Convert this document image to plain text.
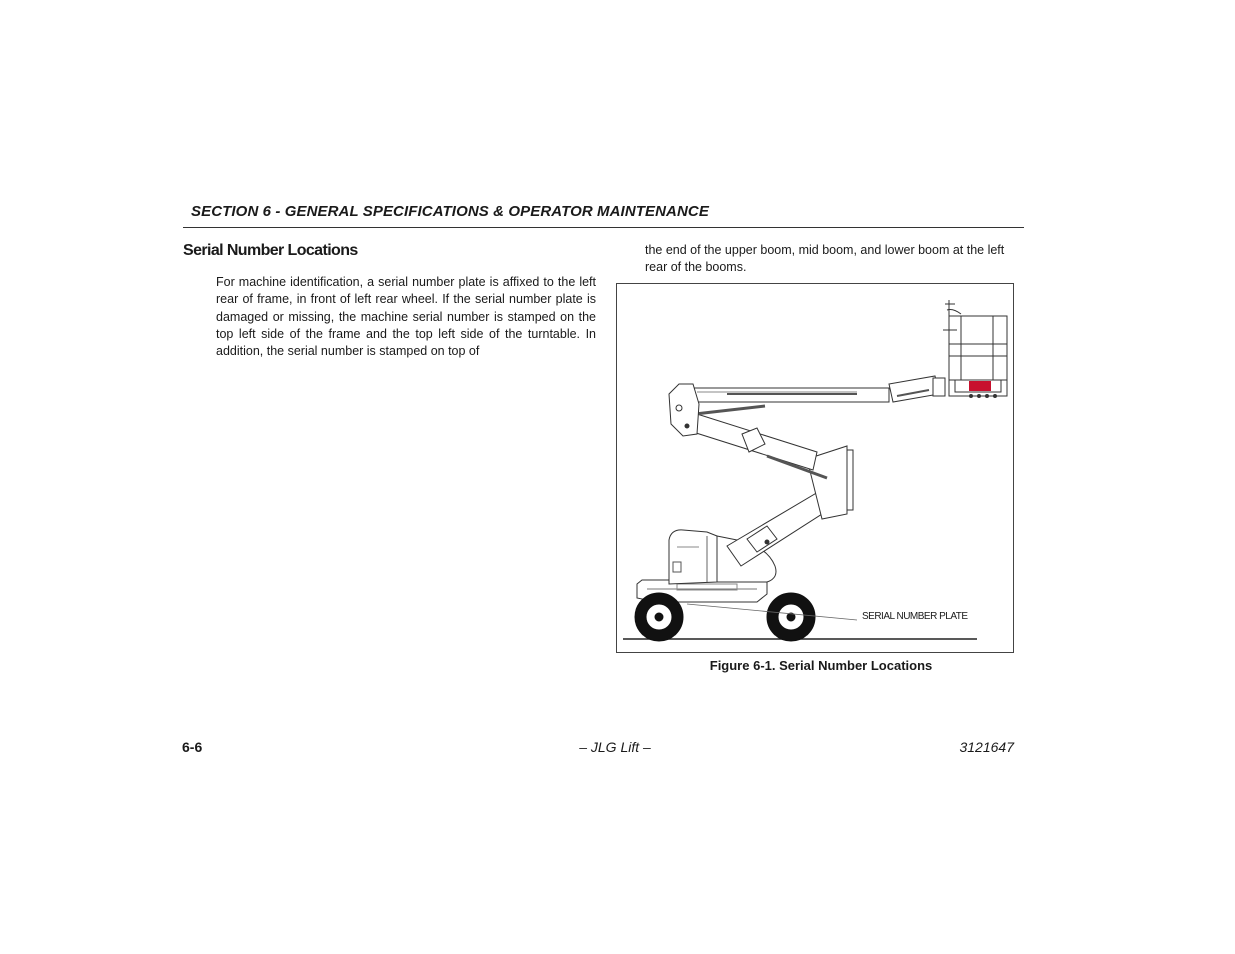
SECTION 6 - GENERAL SPECIFICATIONS & OPERATOR MAINTENANCE
Serial Number Locations

For machine identification, a serial number plate is affixed to the left rear of frame, in front of left rear wheel. If the serial number plate is damaged or missing, the machine serial number is stamped on the top left side of the frame and the top left side of the turntable. In addition, the serial number is stamped on top of

the end of the upper boom, mid boom, and lower boom at the left rear of the booms.

SERIAL NUMBER PLATE

Figure 6-1. Serial Number Locations

6-6	– JLG Lift –	3121647
